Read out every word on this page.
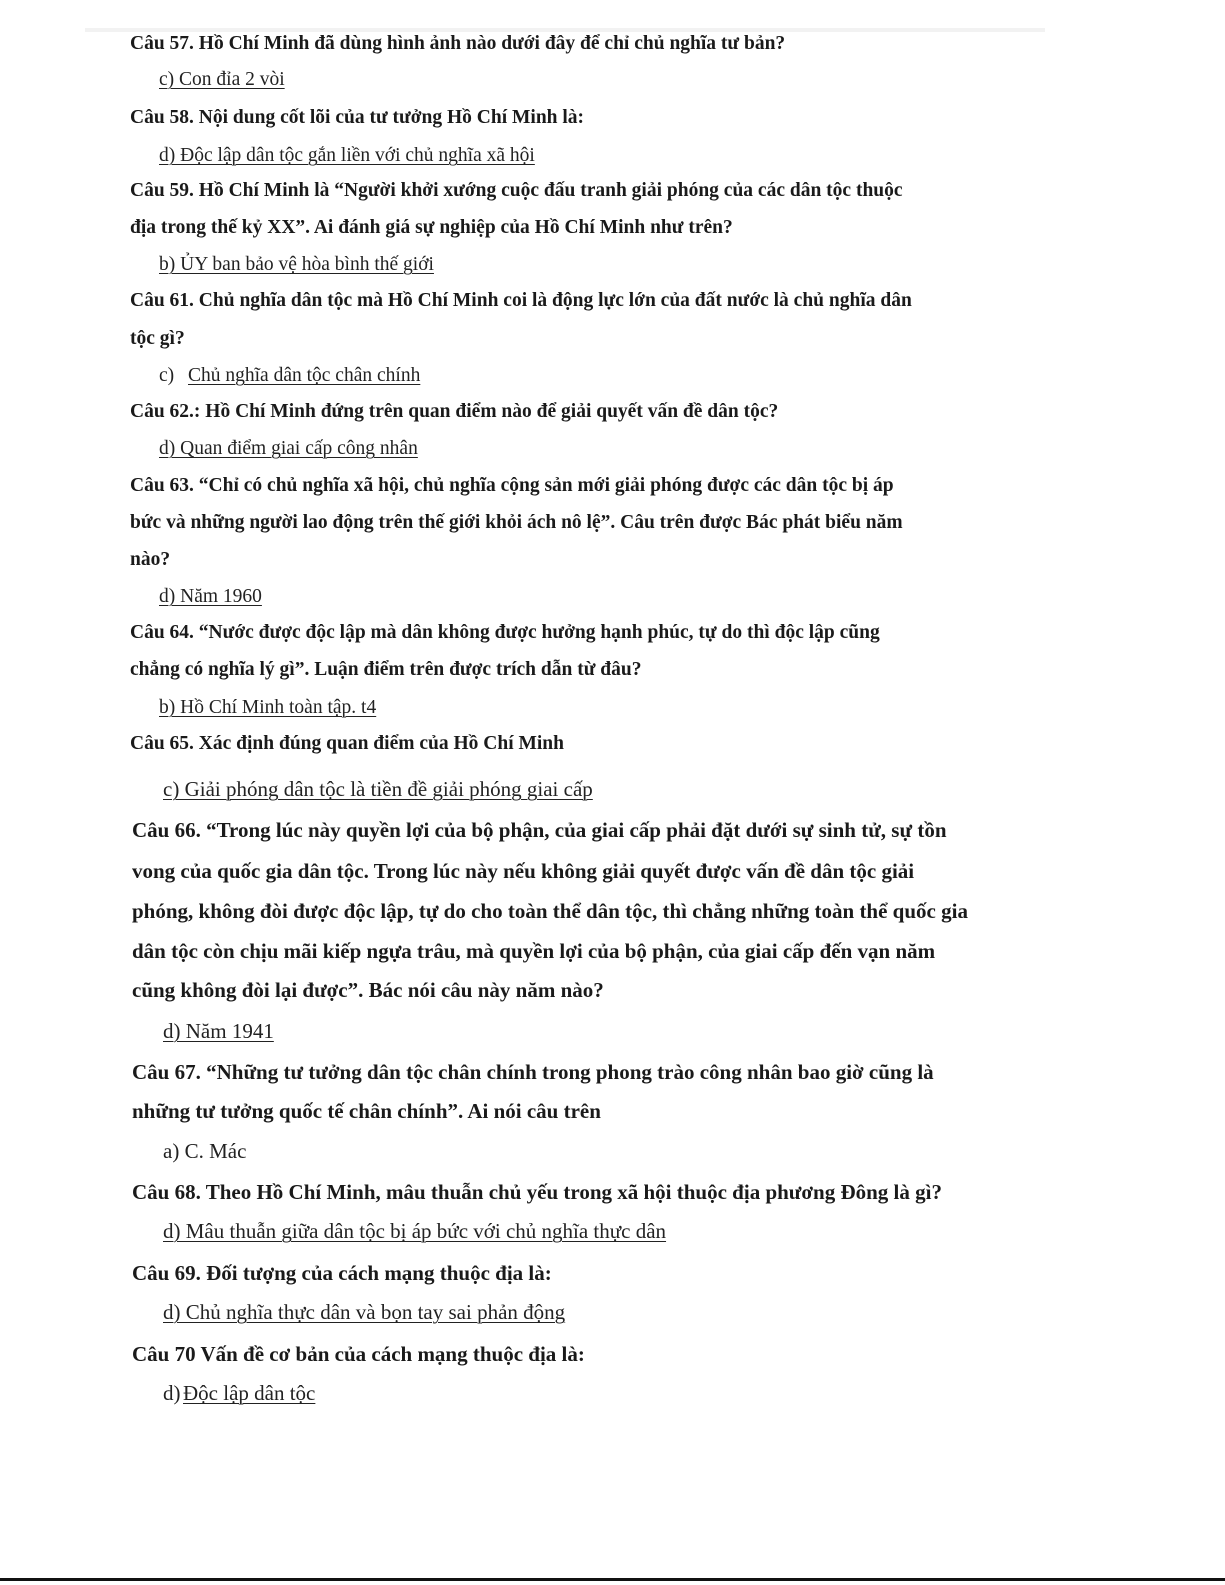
Câu 57. Hồ Chí Minh đã dùng hình ảnh nào dưới đây để chỉ chủ nghĩa tư bản?

c) Con đỉa 2 vòi

Câu 58. Nội dung cốt lõi của tư tưởng Hồ Chí Minh là:

d) Độc lập dân tộc gắn liền với chủ nghĩa xã hội

Câu 59. Hồ Chí Minh là “Người khởi xướng cuộc đấu tranh giải phóng của các dân tộc thuộc

địa trong thế kỷ XX”. Ai đánh giá sự nghiệp của Hồ Chí Minh như trên?

b) ỦY ban bảo vệ hòa bình thế giới

Câu 61. Chủ nghĩa dân tộc mà Hồ Chí Minh coi là động lực lớn của đất nước là chủ nghĩa dân

tộc gì?

c) Chủ nghĩa dân tộc chân chính

Câu 62.: Hồ Chí Minh đứng trên quan điểm nào để giải quyết vấn đề dân tộc?

d) Quan điểm giai cấp công nhân

Câu 63. “Chỉ có chủ nghĩa xã hội, chủ nghĩa cộng sản mới giải phóng được các dân tộc bị áp

bức và những người lao động trên thế giới khỏi ách nô lệ”. Câu trên được Bác phát biểu năm

nào?

d) Năm 1960

Câu 64. “Nước được độc lập mà dân không được hưởng hạnh phúc, tự do thì độc lập cũng

chẳng có nghĩa lý gì”. Luận điểm trên được trích dẫn từ đâu?

b) Hồ Chí Minh toàn tập. t4

Câu 65. Xác định đúng quan điểm của Hồ Chí Minh

c) Giải phóng dân tộc là tiền đề giải phóng giai cấp

Câu 66. “Trong lúc này quyền lợi của bộ phận, của giai cấp phải đặt dưới sự sinh tử, sự tồn

vong của quốc gia dân tộc. Trong lúc này nếu không giải quyết được vấn đề dân tộc giải

phóng, không đòi được độc lập, tự do cho toàn thể dân tộc, thì chẳng những toàn thể quốc gia

dân tộc còn chịu mãi kiếp ngựa trâu, mà quyền lợi của bộ phận, của giai cấp đến vạn năm

cũng không đòi lại được”. Bác nói câu này năm nào?

d) Năm 1941

Câu 67. “Những tư tưởng dân tộc chân chính trong phong trào công nhân bao giờ cũng là

những tư tưởng quốc tế chân chính”. Ai nói câu trên

a) C. Mác

Câu 68. Theo Hồ Chí Minh, mâu thuẫn chủ yếu trong xã hội thuộc địa phương Đông là gì?

d) Mâu thuẫn giữa dân tộc bị áp bức với chủ nghĩa thực dân

Câu 69. Đối tượng của cách mạng thuộc địa là:

d) Chủ nghĩa thực dân và bọn tay sai phản động

Câu 70 Vấn đề cơ bản của cách mạng thuộc địa là:

d) Độc lập dân tộc
